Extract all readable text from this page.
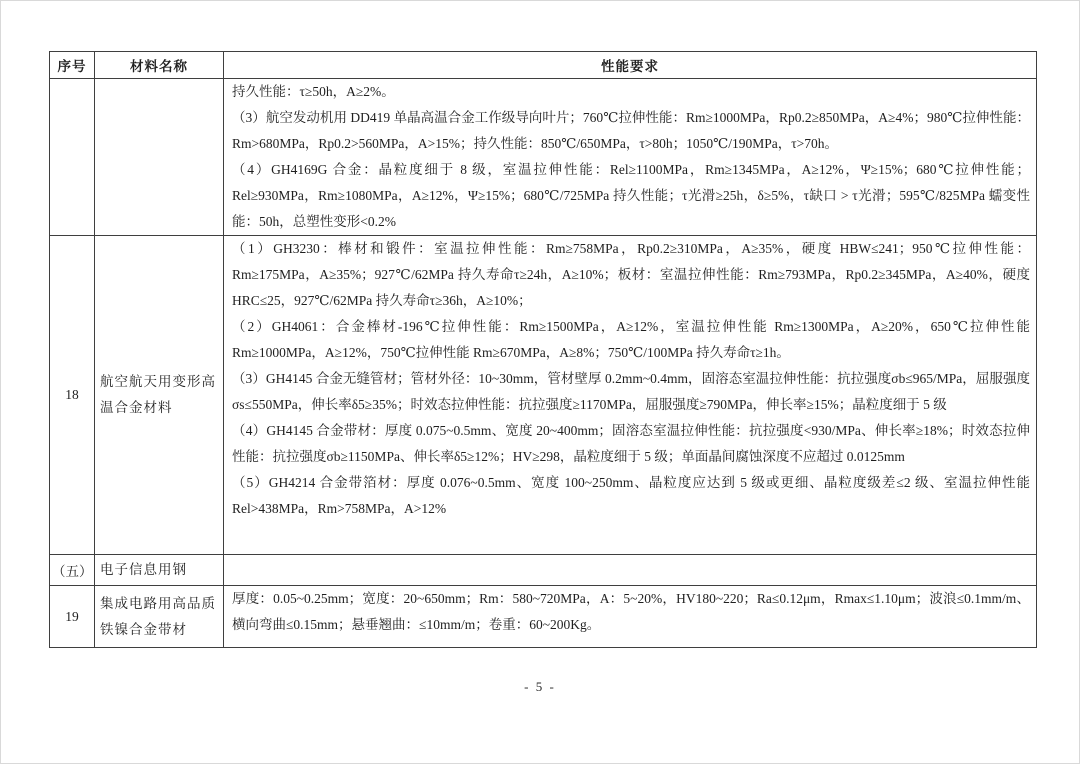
序号	材料名称	性能要求

		持久性能：τ≥50h，A≥2%。

（3）航空发动机用 DD419 单晶高温合金工作级导向叶片；760℃拉伸性能：Rm≥1000MPa，Rp0.2≥850MPa，A≥4%；980℃拉伸性能：Rm>680MPa，Rp0.2>560MPa，A>15%；持久性能：850℃/650MPa，τ>80h；1050℃/190MPa，τ>70h。

（4）GH4169G 合金：晶粒度细于 8 级，室温拉伸性能：Rel≥1100MPa，Rm≥1345MPa，A≥12%，Ψ≥15%；680℃拉伸性能；Rel≥930MPa，Rm≥1080MPa，A≥12%，Ψ≥15%；680℃/725MPa 持久性能；τ光滑≥25h，δ≥5%，τ缺口 > τ光滑；595℃/825MPa 蠕变性能：50h，总塑性变形<0.2%

18	航空航天用变形高温合金材料	（1）GH3230：棒材和锻件：室温拉伸性能：Rm≥758MPa，Rp0.2≥310MPa，A≥35%，硬度 HBW≤241；950℃拉伸性能：Rm≥175MPa，A≥35%；927℃/62MPa 持久寿命τ≥24h，A≥10%；板材：室温拉伸性能：Rm≥793MPa，Rp0.2≥345MPa，A≥40%，硬度 HRC≤25，927℃/62MPa 持久寿命τ≥36h，A≥10%；

（2）GH4061：合金棒材-196℃拉伸性能：Rm≥1500MPa，A≥12%，室温拉伸性能 Rm≥1300MPa，A≥20%，650℃拉伸性能 Rm≥1000MPa，A≥12%，750℃拉伸性能 Rm≥670MPa，A≥8%；750℃/100MPa 持久寿命τ≥1h。

（3）GH4145 合金无缝管材；管材外径：10~30mm，管材壁厚 0.2mm~0.4mm，固溶态室温拉伸性能：抗拉强度σb≤965/MPa，屈服强度σs≤550MPa，伸长率δ5≥35%；时效态拉伸性能：抗拉强度≥1170MPa，屈服强度≥790MPa，伸长率≥15%；晶粒度细于 5 级

（4）GH4145 合金带材：厚度 0.075~0.5mm、宽度 20~400mm；固溶态室温拉伸性能：抗拉强度<930/MPa、伸长率≥18%；时效态拉伸性能：抗拉强度σb≥1150MPa、伸长率δ5≥12%；HV≥298，晶粒度细于 5 级；单面晶间腐蚀深度不应超过 0.0125mm

（5）GH4214 合金带箔材：厚度 0.076~0.5mm、宽度 100~250mm、晶粒度应达到 5 级或更细、晶粒度级差≤2 级、室温拉伸性能 Rel>438MPa，Rm>758MPa，A>12%

（五）	电子信息用钢	
19	集成电路用高品质铁镍合金带材	厚度：0.05~0.25mm；宽度：20~650mm；Rm：580~720MPa，A：5~20%，HV180~220；Ra≤0.12μm，Rmax≤1.10μm；波浪≤0.1mm/m、横向弯曲≤0.15mm；悬垂翘曲：≤10mm/m；卷重：60~200Kg。

- 5 -
